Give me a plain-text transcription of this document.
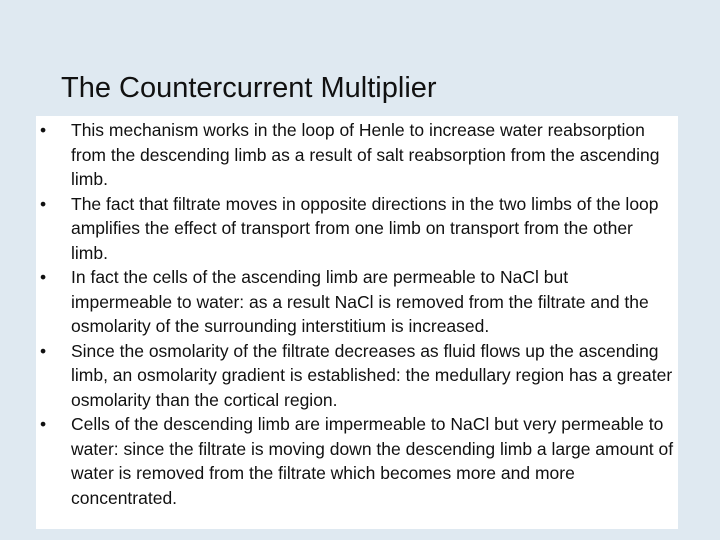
The Countercurrent Multiplier
•	This mechanism works in the loop of Henle to increase water reabsorption from the descending limb as a result of salt reabsorption from the ascending limb.
•	The fact that filtrate moves in opposite directions in the two limbs of the loop amplifies the effect of transport from one limb on transport from the other limb.
•	In fact the cells of the ascending limb are permeable to NaCl but impermeable to water: as a result NaCl is removed from the filtrate and the osmolarity of the surrounding interstitium is increased.
•	Since the osmolarity of the filtrate decreases as fluid flows up the ascending limb, an osmolarity gradient is established: the medullary region has a greater osmolarity than the cortical region.
•	Cells of the descending limb are impermeable to NaCl but very permeable to water: since the filtrate is moving down the descending limb a large amount of water is removed from the filtrate which becomes more and more concentrated.
